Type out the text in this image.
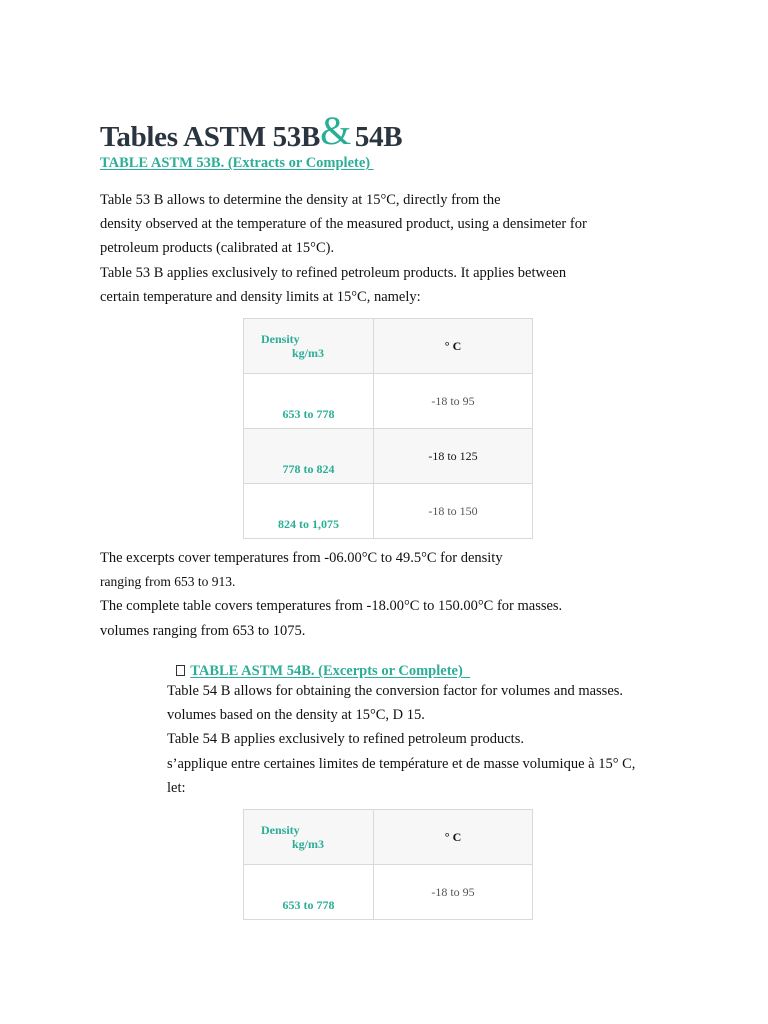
Tables ASTM 53B& 54B
TABLE ASTM 53B. (Extracts or Complete)

Table 53 B allows to determine the density at 15°C, directly from the

density observed at the temperature of the measured product, using a densimeter for

petroleum products (calibrated at 15°C).

Table 53 B applies exclusively to refined petroleum products. It applies between

certain temperature and density limits at 15°C, namely:

Density
kg/m3	° C

653 to 778	-18 to 95

778 to 824	-18 to 125

824 to 1,075	-18 to 150

The excerpts cover temperatures from -06.00°C to 49.5°C for density

ranging from 653 to 913.

The complete table covers temperatures from -18.00°C to 150.00°C for masses.

volumes ranging from 653 to 1075.

TABLE ASTM 54B. (Excerpts or Complete)

Table 54 B allows for obtaining the conversion factor for volumes and masses.

volumes based on the density at 15°C, D 15.

Table 54 B applies exclusively to refined petroleum products.

s’applique entre certaines limites de température et de masse volumique à 15° C,

let:

Density
kg/m3	° C

653 to 778	-18 to 95
